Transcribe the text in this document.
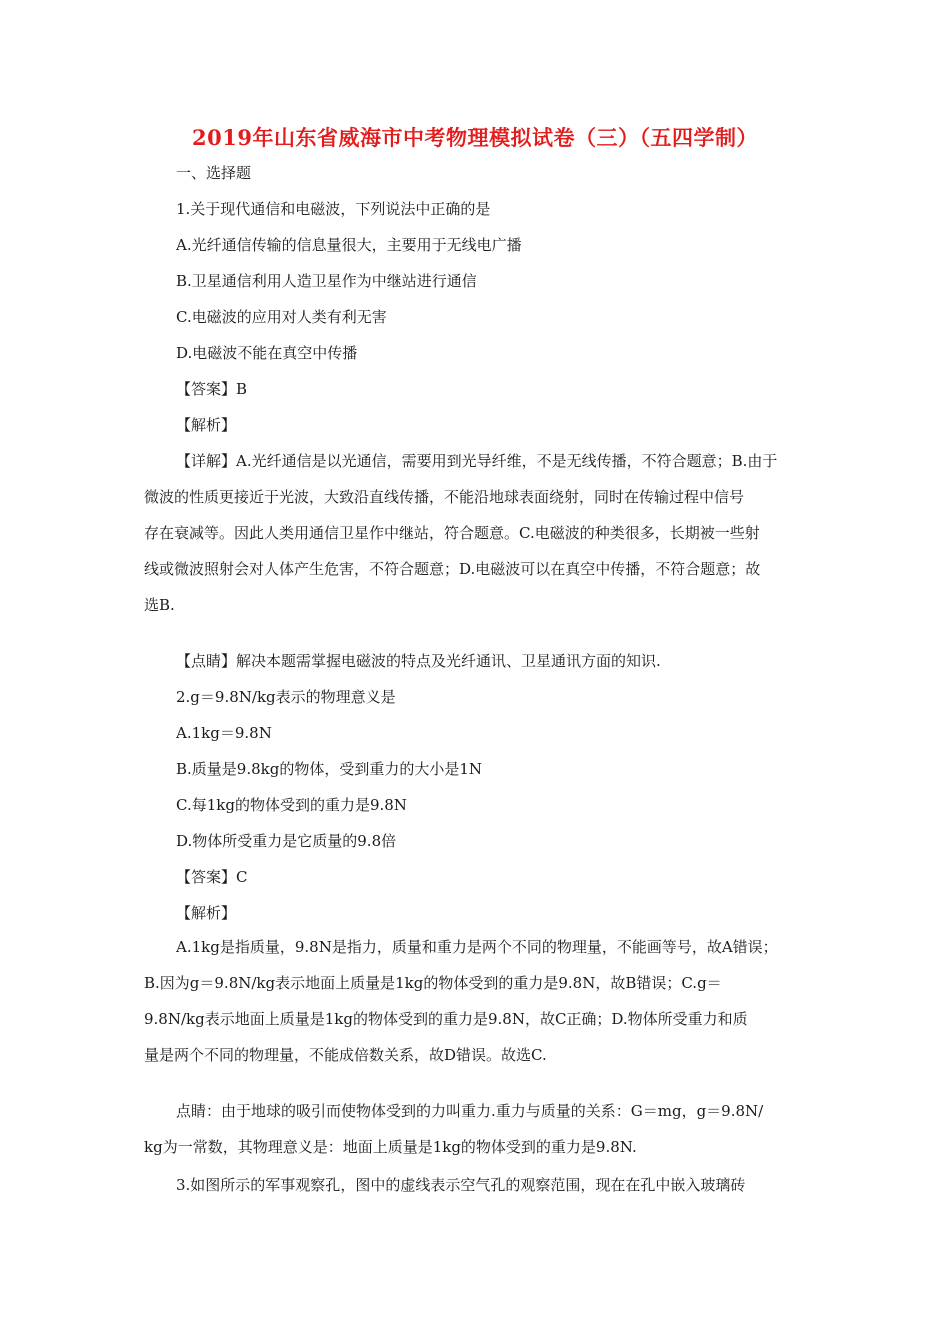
2019年山东省威海市中考物理模拟试卷（三）（五四学制）
一、选择题
1.关于现代通信和电磁波，下列说法中正确的是
A.光纤通信传输的信息量很大，主要用于无线电广播
B.卫星通信利用人造卫星作为中继站进行通信
C.电磁波的应用对人类有利无害
D.电磁波不能在真空中传播
【答案】B
【解析】
【详解】A.光纤通信是以光通信，需要用到光导纤维，不是无线传播，不符合题意；B.由于
微波的性质更接近于光波，大致沿直线传播，不能沿地球表面绕射，同时在传输过程中信号
存在衰减等。因此人类用通信卫星作中继站，符合题意。C.电磁波的种类很多，长期被一些射
线或微波照射会对人体产生危害，不符合题意；D.电磁波可以在真空中传播，不符合题意；故
选B.
【点睛】解决本题需掌握电磁波的特点及光纤通讯、卫星通讯方面的知识.
2.g＝9.8N/kg表示的物理意义是
A.1kg＝9.8N
B.质量是9.8kg的物体，受到重力的大小是1N
C.每1kg的物体受到的重力是9.8N
D.物体所受重力是它质量的9.8倍
【答案】C
【解析】
A.1kg是指质量，9.8N是指力，质量和重力是两个不同的物理量，不能画等号，故A错误；
B.因为g＝9.8N/kg表示地面上质量是1kg的物体受到的重力是9.8N，故B错误；C.g＝
9.8N/kg表示地面上质量是1kg的物体受到的重力是9.8N，故C正确；D.物体所受重力和质
量是两个不同的物理量，不能成倍数关系，故D错误。故选C.
点睛：由于地球的吸引而使物体受到的力叫重力.重力与质量的关系：G＝mg，g＝9.8N/
kg为一常数，其物理意义是：地面上质量是1kg的物体受到的重力是9.8N.
3.如图所示的军事观察孔，图中的虚线表示空气孔的观察范围，现在在孔中嵌入玻璃砖
